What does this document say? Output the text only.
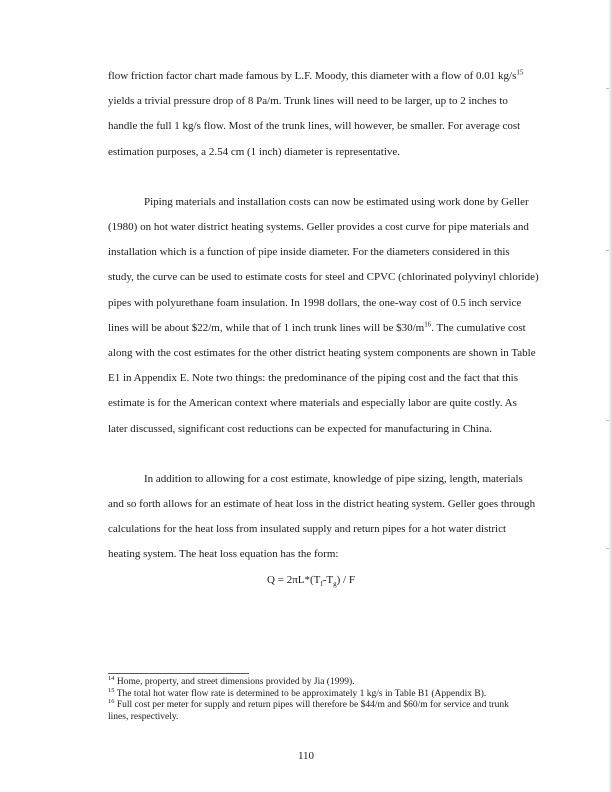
flow friction factor chart made famous by L.F. Moody, this diameter with a flow of 0.01 $kg/s^{15}$
yields a trivial pressure drop of 8 Pa/m. Trunk lines will need to be larger, up to 2 inches to
handle the full 1 kg/s flow. Most of the trunk lines, will however, be smaller. For average cost
estimation purposes, a 2.54 cm (1 inch) diameter is representative.

Piping materials and installation costs can now be estimated using work done by Geller
(1980) on hot water district heating systems. Geller provides a cost curve for pipe materials and
installation which is a function of pipe inside diameter. For the diameters considered in this
study, the curve can be used to estimate costs for steel and CPVC (chlorinated polyvinyl chloride)
pipes with polyurethane foam insulation. In 1998 dollars, the one-way cost of 0.5 inch service
lines will be about $22/m, while that of 1 inch trunk lines will be $\$30/m^{16}$. The cumulative cost
along with the cost estimates for the other district heating system components are shown in Table
E1 in Appendix E. Note two things: the predominance of the piping cost and the fact that this
estimate is for the American context where materials and especially labor are quite costly. As
later discussed, significant cost reductions can be expected for manufacturing in China.

In addition to allowing for a cost estimate, knowledge of pipe sizing, length, materials
and so forth allows for an estimate of heat loss in the district heating system. Geller goes through
calculations for the heat loss from insulated supply and return pipes for a hot water district
heating system. The heat loss equation has the form:

$Q = 2\pi L*(T_f-T_g) / F$

$^{14}$ Home, property, and street dimensions provided by Jia (1999).

$^{15}$ The total hot water flow rate is determined to be approximately 1 kg/s in Table B1 (Appendix B).

$^{16}$ Full cost per meter for supply and return pipes will therefore be $44/m and $60/m for service and trunk lines, respectively.

110
